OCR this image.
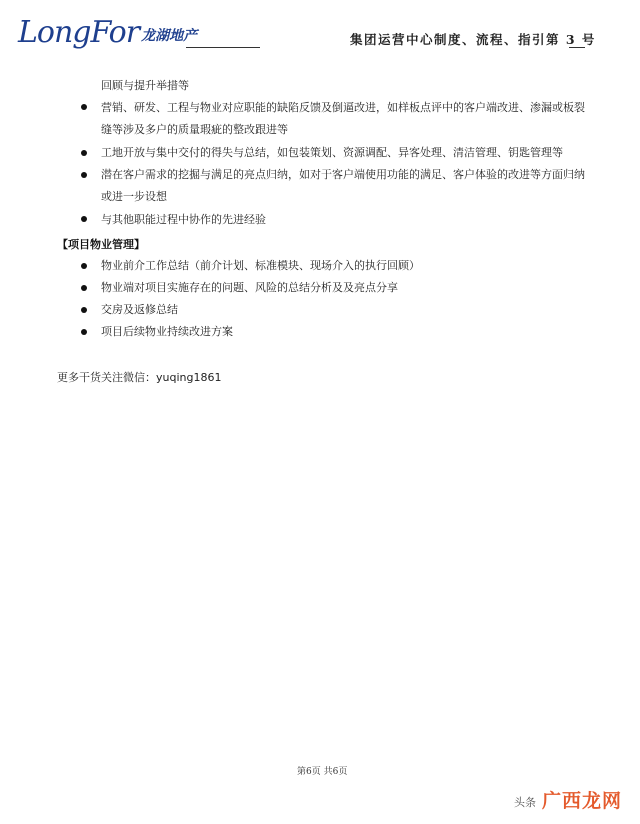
LongFor 龙湖地产	集团运营中心制度、流程、指引第 3 号
回顾与提升举措等
营销、研发、工程与物业对应职能的缺陷反馈及倒逼改进，如样板点评中的客户端改进、渗漏或板裂
缝等涉及多户的质量瑕疵的整改跟进等
工地开放与集中交付的得失与总结，如包装策划、资源调配、异客处理、清洁管理、钥匙管理等
潜在客户需求的挖掘与满足的亮点归纳，如对于客户端使用功能的满足、客户体验的改进等方面归纳
或进一步设想
与其他职能过程中协作的先进经验
【项目物业管理】
物业前介工作总结（前介计划、标准模块、现场介入的执行回顾）
物业端对项目实施存在的问题、风险的总结分析及及亮点分享
交房及返修总结
项目后续物业持续改进方案
更多干货关注微信：yuqing1861
第6页 共6页
头条 广西龙网
